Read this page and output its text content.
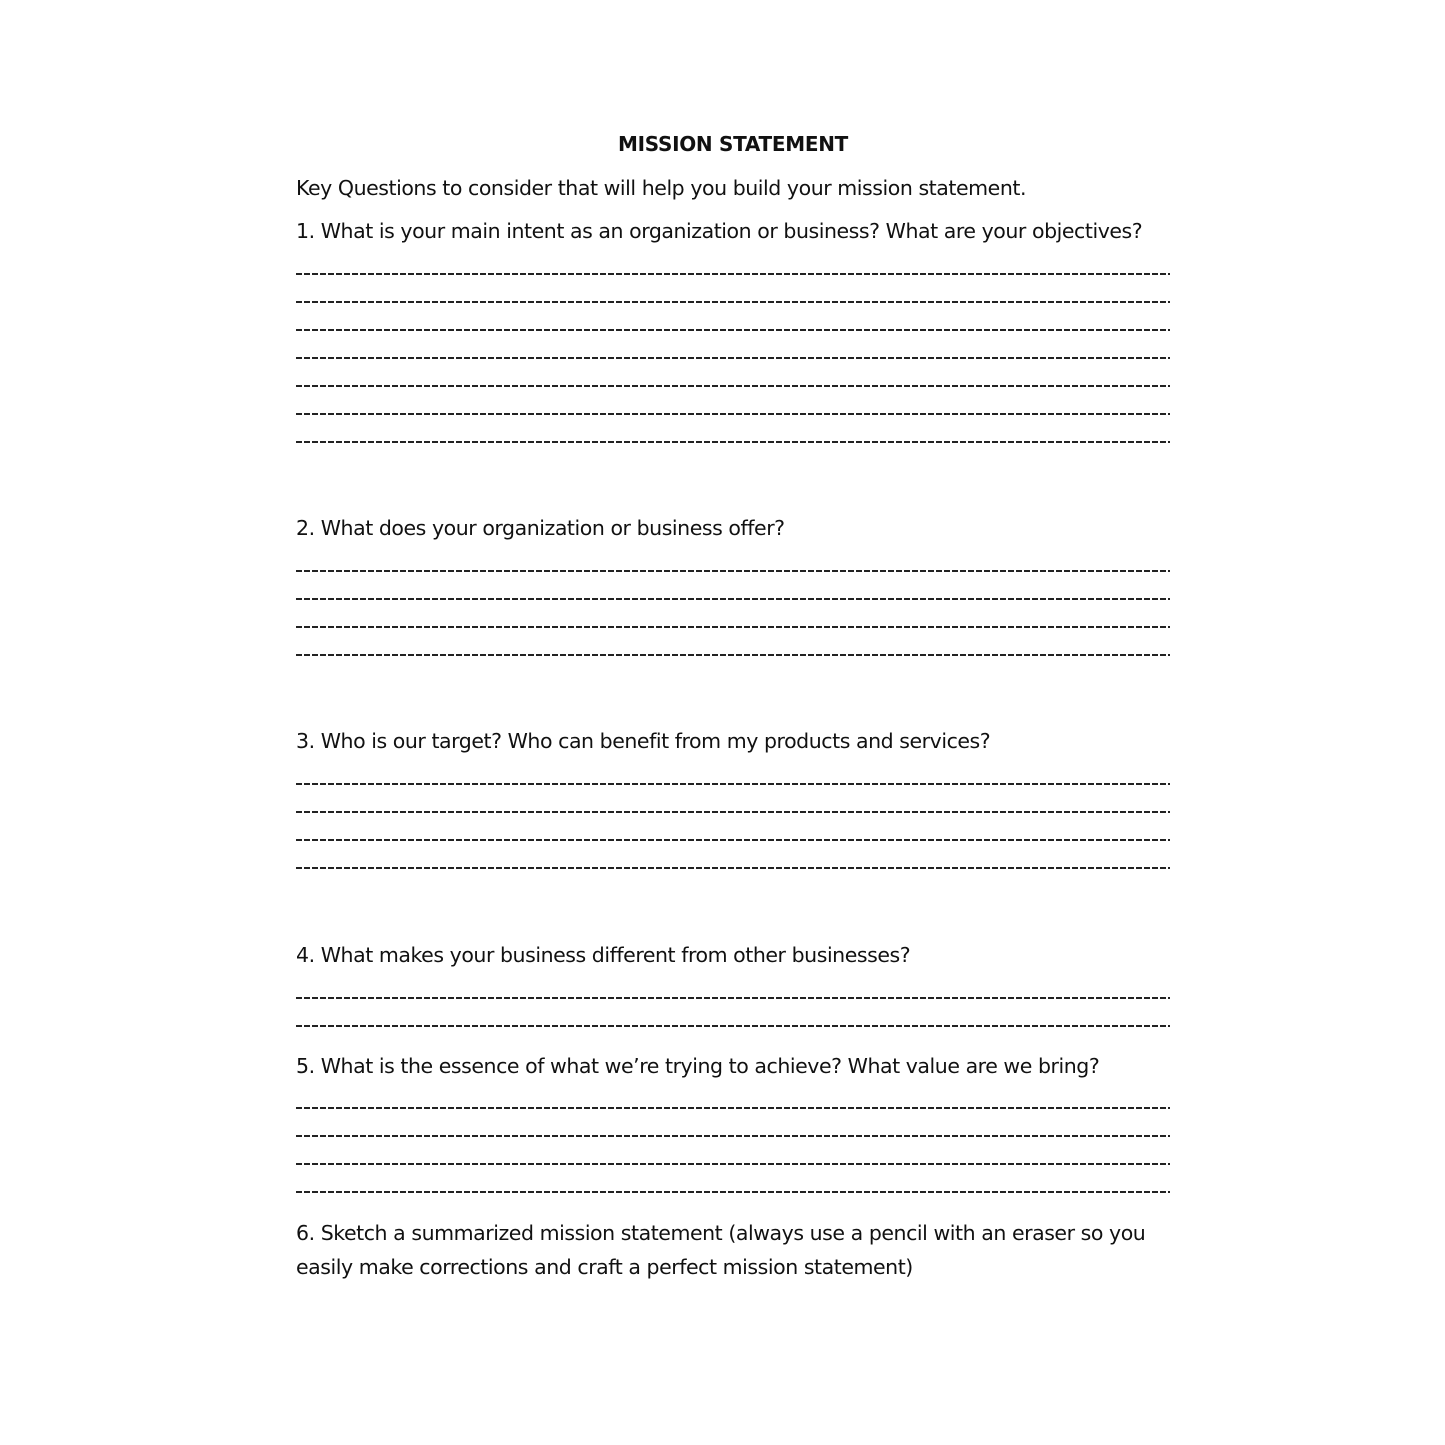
MISSION STATEMENT
Key Questions to consider that will help you build your mission statement.
1. What is your main intent as an organization or business? What are your objectives?
2. What does your organization or business offer?
3. Who is our target? Who can benefit from my products and services?
4. What makes your business different from other businesses?
5. What is the essence of what we’re trying to achieve? What value are we bring?
6. Sketch a summarized mission statement (always use a pencil with an eraser so you easily make corrections and craft a perfect mission statement)
